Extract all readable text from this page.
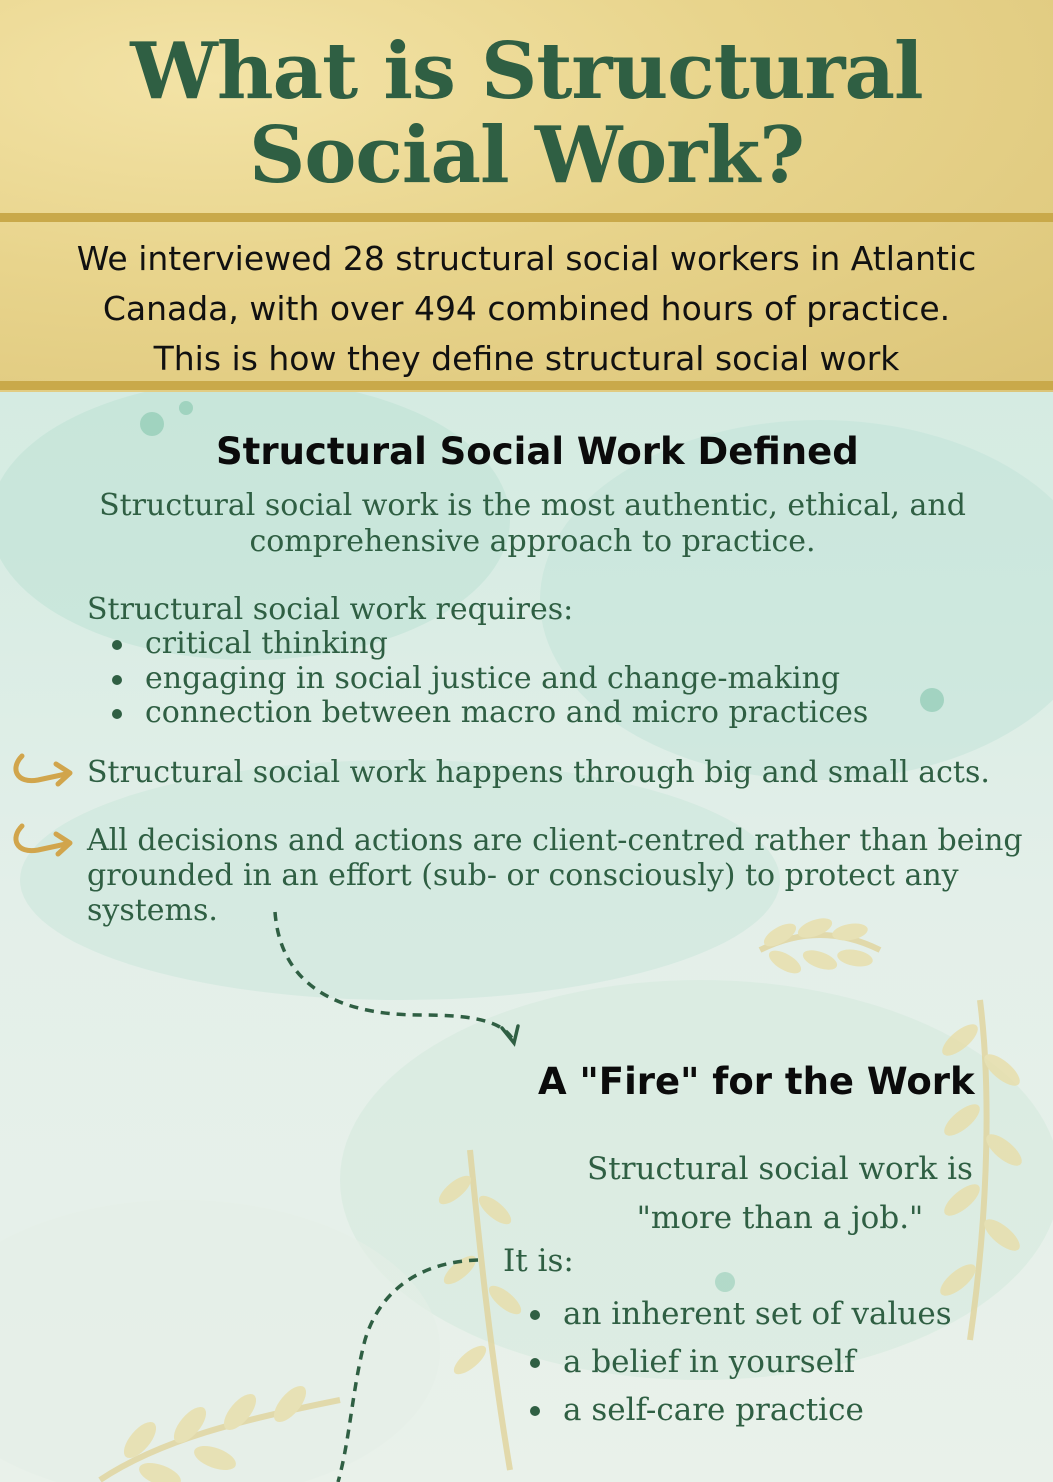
What is Structural
Social Work?

We interviewed 28 structural social workers in Atlantic
Canada, with over 494 combined hours of practice.
This is how they define structural social work

Structural Social Work Defined

Structural social work is the most authentic, ethical, and
comprehensive approach to practice.

Structural social work requires:

critical thinking
engaging in social justice and change-making
connection between macro and micro practices

Structural social work happens through big and small acts.

All decisions and actions are client-centred rather than being
grounded in an effort (sub- or consciously) to protect any
systems.

A "Fire" for the Work

Structural social work is
"more than a job."

It is:

an inherent set of values
a belief in yourself
a self-care practice
